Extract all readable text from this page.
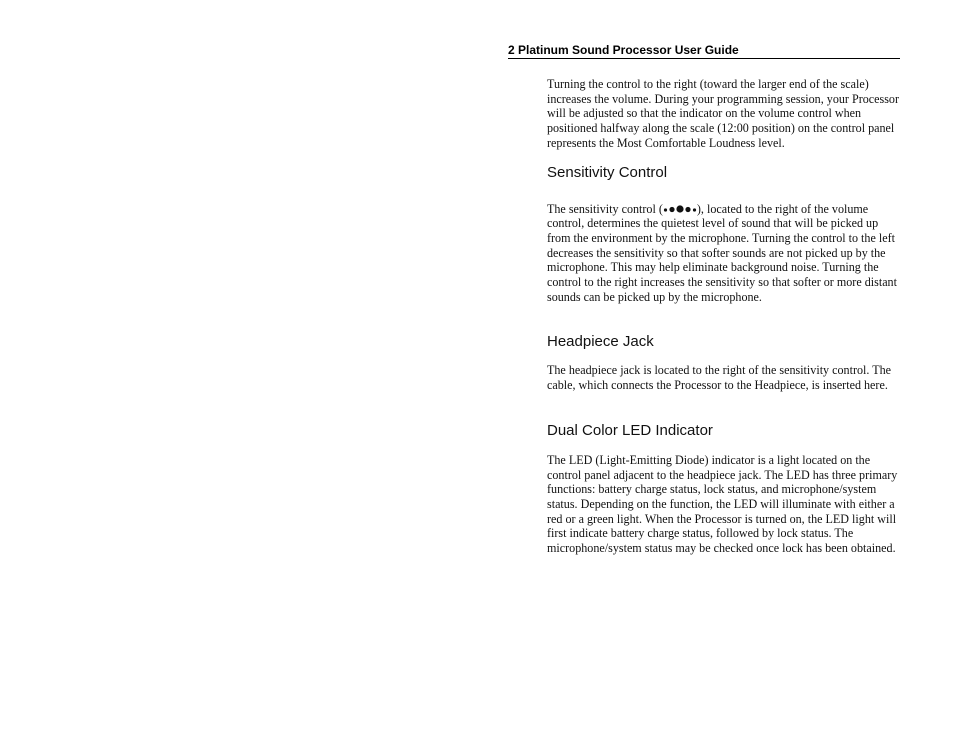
2 Platinum Sound Processor User Guide

Turning the control to the right (toward the larger end of the scale) increases the volume. During your programming session, your Processor will be adjusted so that the indicator on the volume control when positioned halfway along the scale (12:00 position) on the control panel represents the Most Comfortable Loudness level.

Sensitivity Control

The sensitivity control (	), located to the right of the volume control, determines the quietest level of sound that will be picked up from the environment by the microphone. Turning the control to the left decreases the sensitivity so that softer sounds are not picked up by the microphone. This may help eliminate background noise. Turning the control to the right increases the sensitivity so that softer or more distant sounds can be picked up by the microphone.

Headpiece Jack

The headpiece jack is located to the right of the sensitivity control. The cable, which connects the Processor to the Headpiece, is inserted here.

Dual Color LED Indicator

The LED (Light-Emitting Diode) indicator is a light located on the control panel adjacent to the headpiece jack. The LED has three primary functions: battery charge status, lock status, and microphone/system status. Depending on the function, the LED will illuminate with either a red or a green light. When the Processor is turned on, the LED light will first indicate battery charge status, followed by lock status. The microphone/system status may be checked once lock has been obtained.
